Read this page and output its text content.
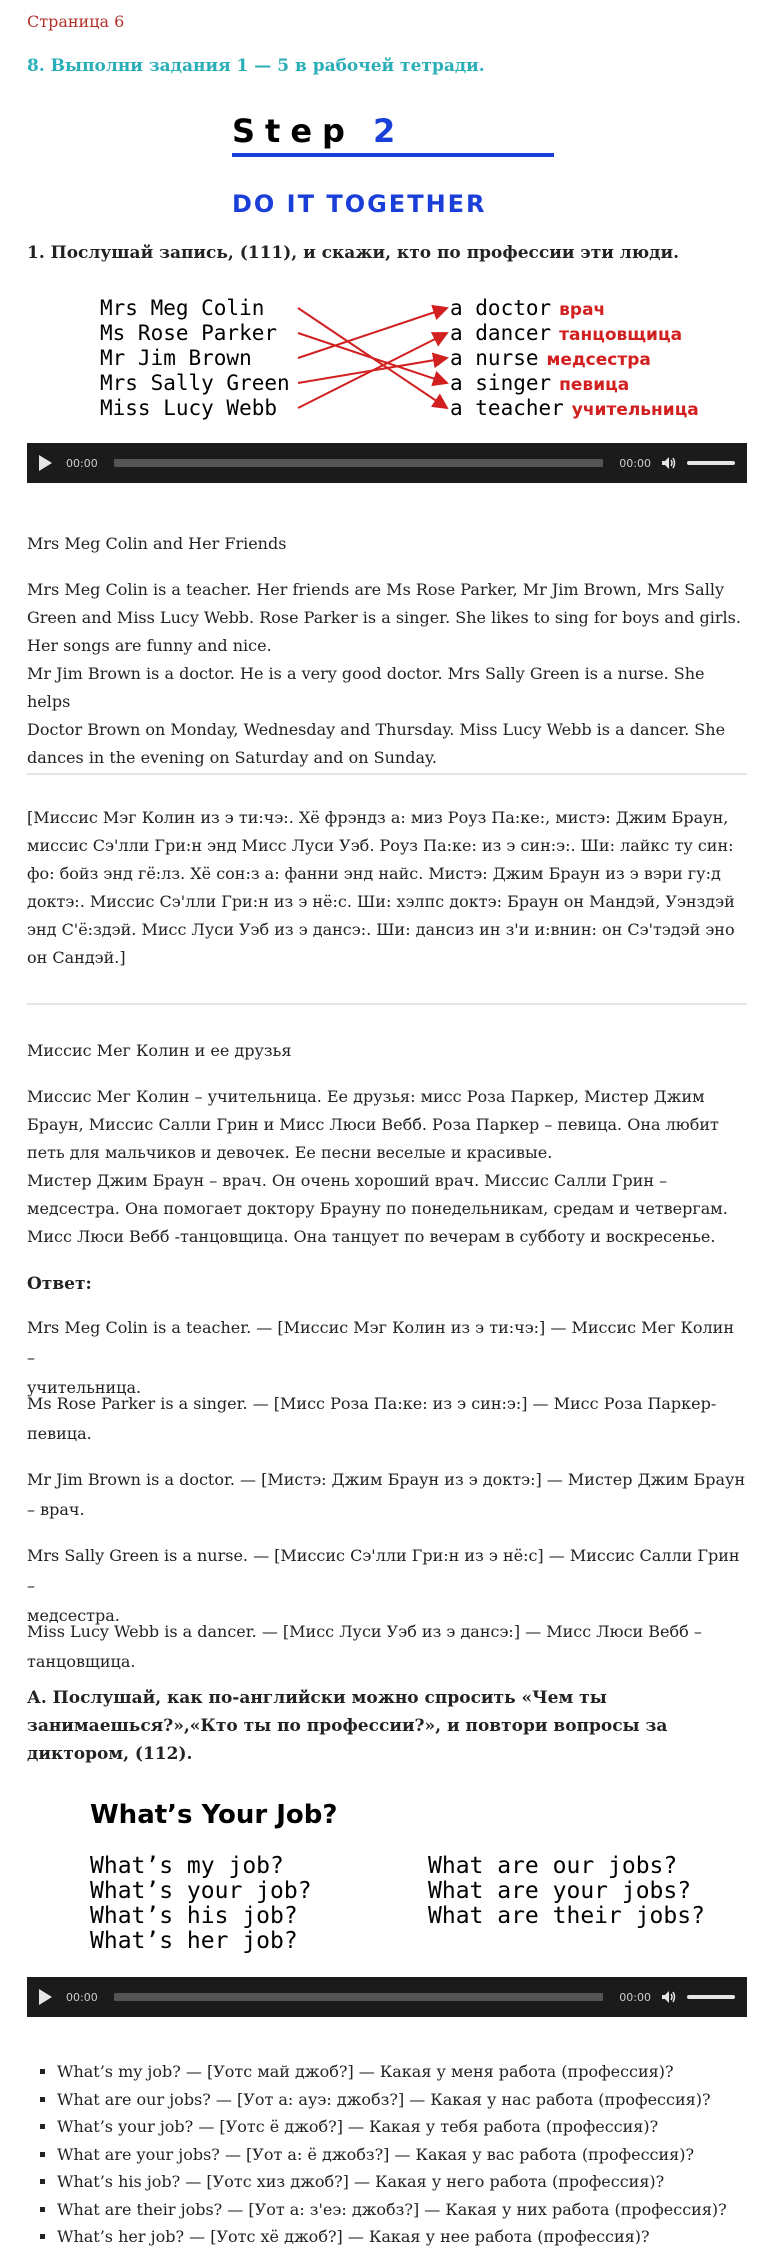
Страница 6
8. Выполни задания 1 — 5 в рабочей тетради.
Step 2
DO IT TOGETHER
1. Послушай запись, (111), и скажи, кто по профессии эти люди.
Mrs Meg Colin
Ms Rose Parker
Mr Jim Brown
Mrs Sally Green
Miss Lucy Webb
a doctor врач
a dancer танцовщица
a nurse медсестра
a singer певица
a teacher учительница
00:00	00:00
Mrs Meg Colin and Her Friends

Mrs Meg Colin is a teacher. Her friends are Ms Rose Parker, Mr Jim Brown, Mrs Sally

Green and Miss Lucy Webb. Rose Parker is a singer. She likes to sing for boys and girls.

Her songs are funny and nice.

Mr Jim Brown is a doctor. He is a very good doctor. Mrs Sally Green is a nurse. She helps

Doctor Brown on Monday, Wednesday and Thursday. Miss Lucy Webb is a dancer. She

dances in the evening on Saturday and on Sunday.

[Миссис Мэг Колин из э ти:чэ:. Хё фрэндз а: миз Роуз Па:ке:, мистэ: Джим Браун,

миссис Сэ'лли Гри:н энд Мисс Луси Уэб. Роуз Па:ке: из э син:э:. Ши: лайкс ту син:

фо: бойз энд гё:лз. Хё сон:з а: фанни энд найс. Мистэ: Джим Браун из э вэри гу:д

доктэ:. Миссис Сэ'лли Гри:н из э нё:с. Ши: хэлпс доктэ: Браун он Мандэй, Уэнздэй

энд С'ё:здэй. Мисс Луси Уэб из э дансэ:. Ши: дансиз ин з'и и:внин: он Сэ'тэдэй эно

он Сандэй.]

Миссис Мег Колин и ее друзья

Миссис Мег Колин – учительница. Ее друзья: мисс Роза Паркер, Мистер Джим

Браун, Миссис Салли Грин и Мисс Люси Вебб. Роза Паркер – певица. Она любит

петь для мальчиков и девочек. Ее песни веселые и красивые.

Мистер Джим Браун – врач. Он очень хороший врач. Миссис Салли Грин –

медсестра. Она помогает доктору Брауну по понедельникам, средам и четвергам.

Мисс Люси Вебб -танцовщица. Она танцует по вечерам в субботу и воскресенье.

Ответ:
Mrs Meg Colin is a teacher. — [Миссис Мэг Колин из э ти:чэ:] — Миссис Мег Колин –
учительница.
Ms Rose Parker is a singer. — [Мисс Роза Па:ке: из э син:э:] — Мисс Роза Паркер-
певица.
Mr Jim Brown is a doctor. — [Мистэ: Джим Браун из э доктэ:] — Мистер Джим Браун
– врач.
Mrs Sally Green is a nurse. — [Миссис Сэ'лли Гри:н из э нё:с] — Миссис Салли Грин –
медсестра.
Miss Lucy Webb is a dancer. — [Мисс Луси Уэб из э дансэ:] — Мисс Люси Вебб –
танцовщица.
А. Послушай, как по-английски можно спросить «Чем ты
занимаешься?»,«Кто ты по профессии?», и повтори вопросы за
диктором, (112).
What’s Your Job?
What’s my job?
What’s your job?
What’s his job?
What’s her job?
What are our jobs?
What are your jobs?
What are their jobs?
00:00	00:00
▪ What’s my job? — [Уотс май джоб?] — Какая у меня работа (профессия)?
▪ What are our jobs? — [Уот а: ауэ: джобз?] — Какая у нас работа (профессия)?
▪ What’s your job? — [Уотс ё джоб?] — Какая у тебя работа (профессия)?
▪ What are your jobs? — [Уот а: ё джобз?] — Какая у вас работа (профессия)?
▪ What’s his job? — [Уотс хиз джоб?] — Какая у него работа (профессия)?
▪ What are their jobs? — [Уот а: з'еэ: джобз?] — Какая у них работа (профессия)?
▪ What’s her job? — [Уотс хё джоб?] — Какая у нее работа (профессия)?
